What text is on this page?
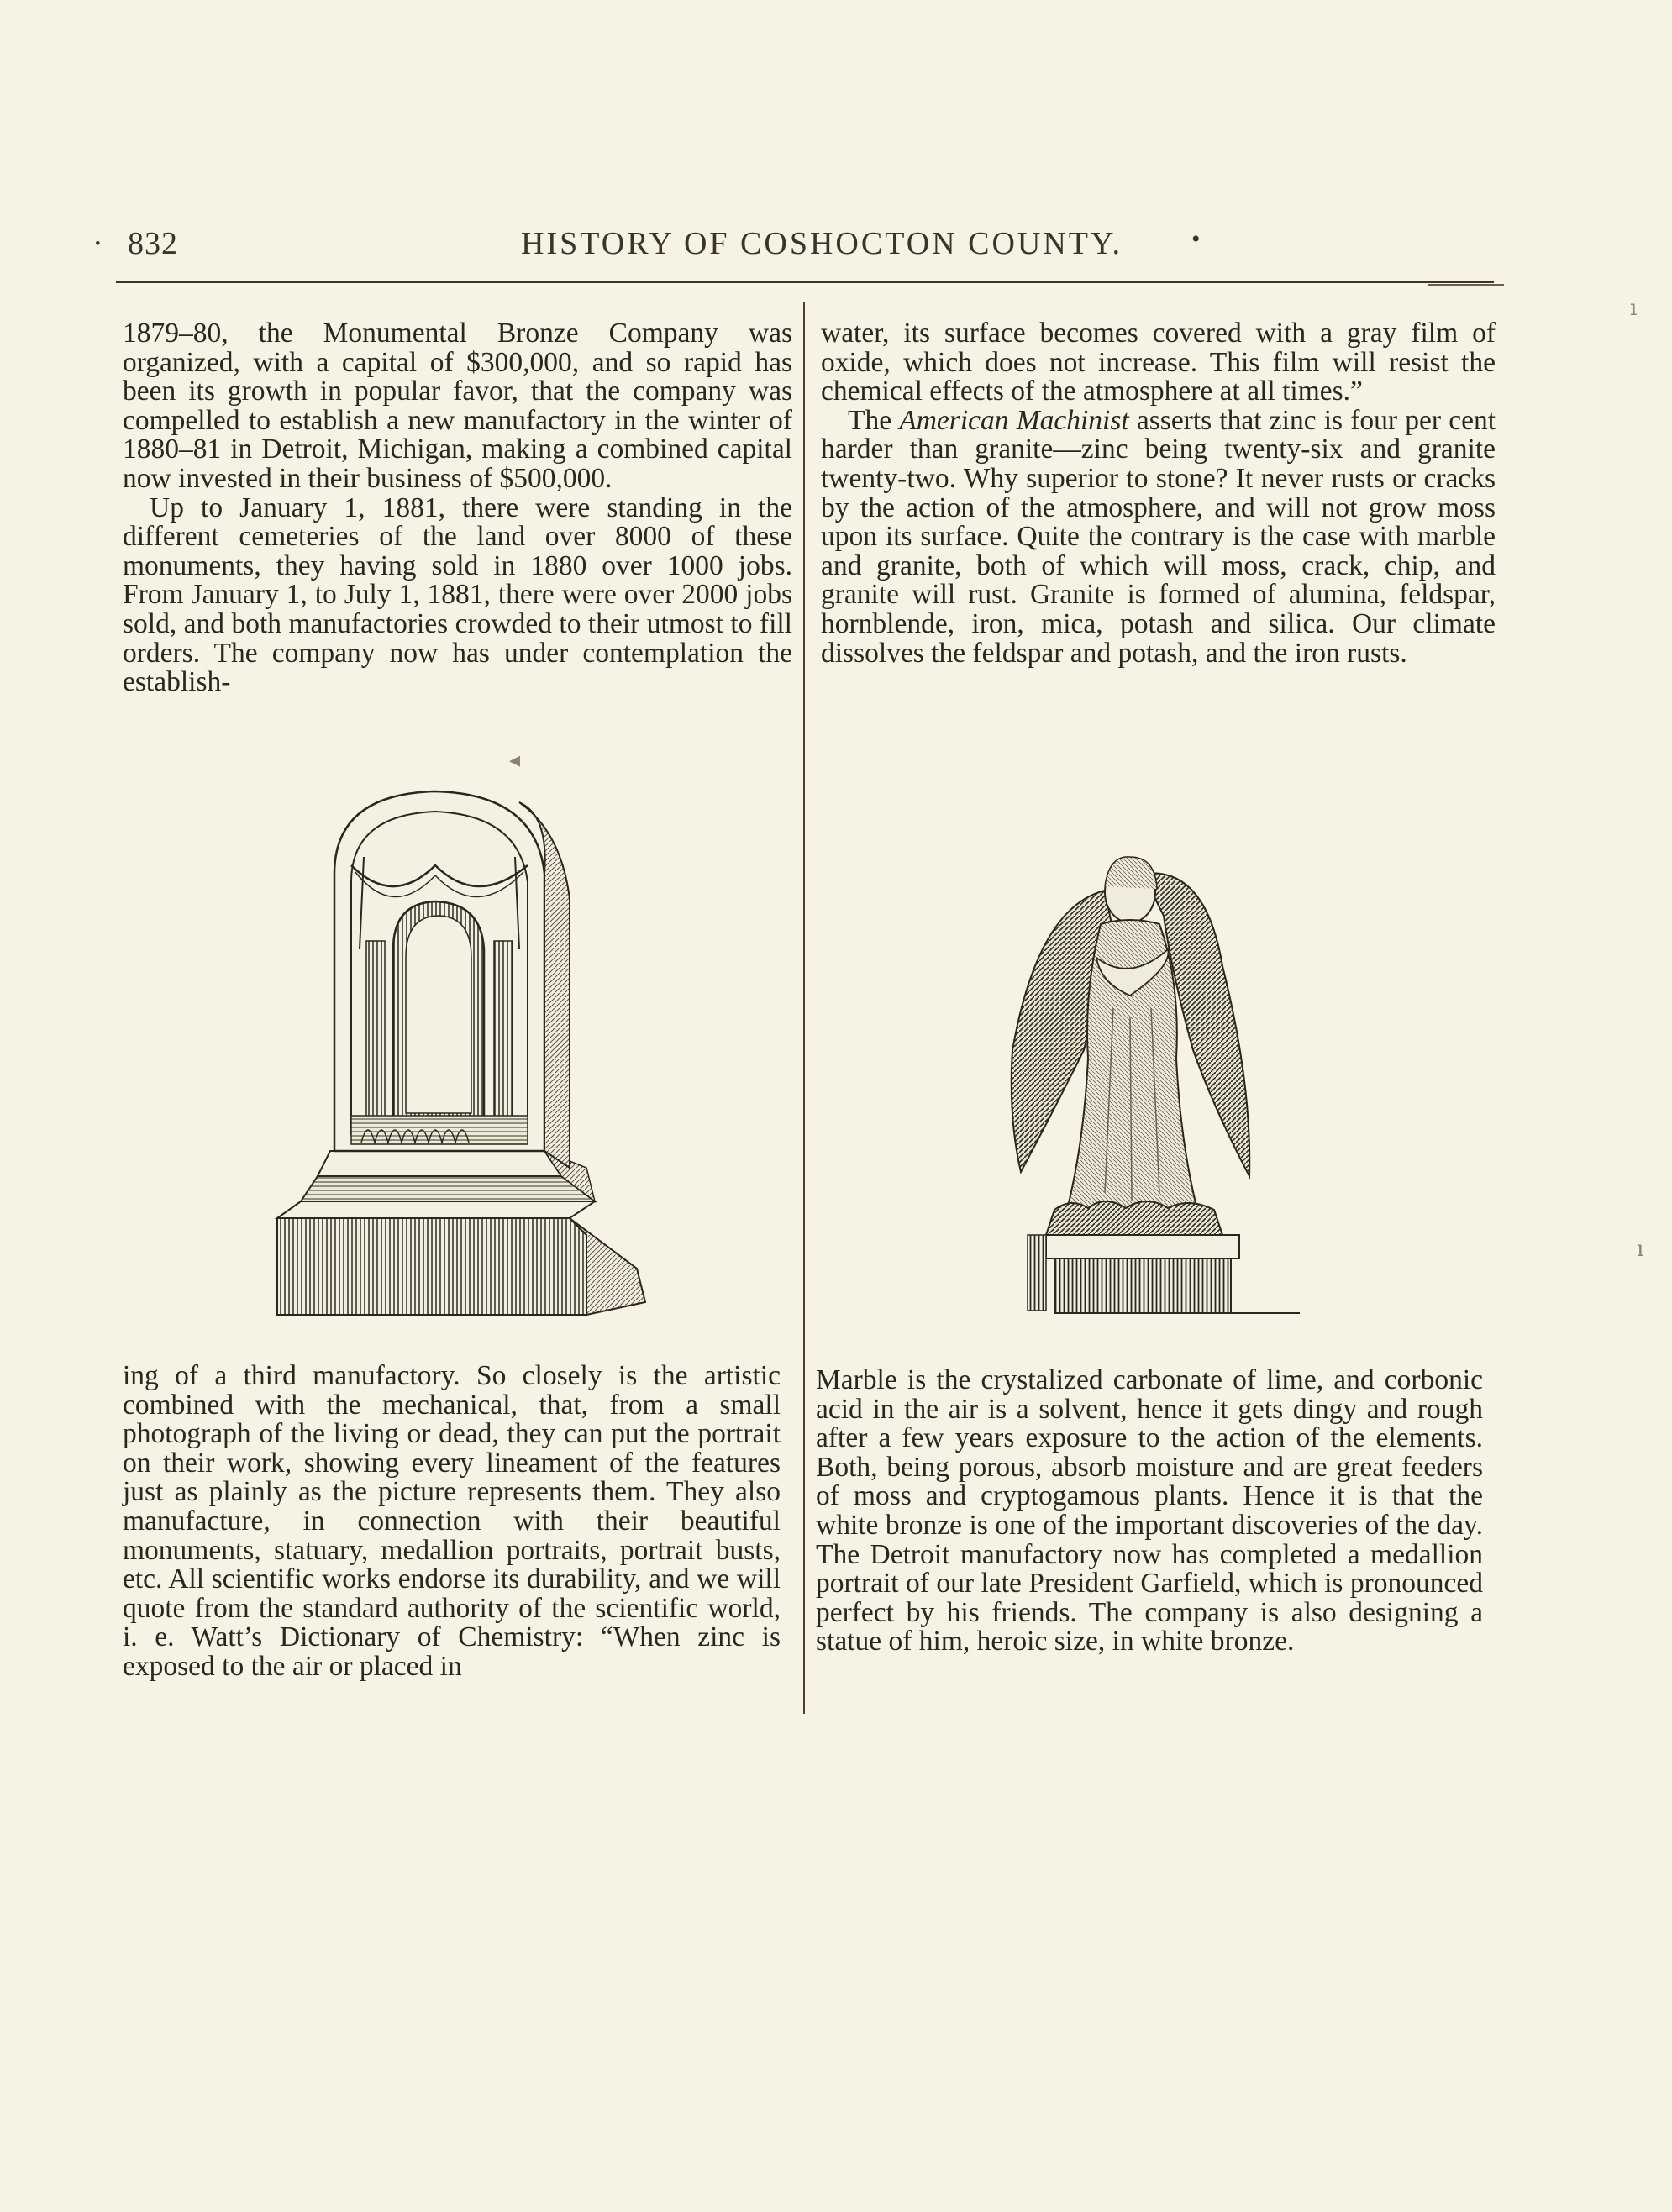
· 832	HISTORY OF COSHOCTON COUNTY.	•

1879–80, the Monumental Bronze Company was organized, with a capital of $300,000, and so rapid has been its growth in popular favor, that the company was compelled to establish a new manufactory in the winter of 1880–81 in Detroit, Michigan, making a combined capital now invested in their business of $500,000.

Up to January 1, 1881, there were standing in the different cemeteries of the land over 8000 of these monuments, they having sold in 1880 over 1000 jobs. From January 1, to July 1, 1881, there were over 2000 jobs sold, and both manufactories crowded to their utmost to fill orders. The company now has under contemplation the establish-

ing of a third manufactory. So closely is the artistic combined with the mechanical, that, from a small photograph of the living or dead, they can put the portrait on their work, showing every lineament of the features just as plainly as the picture represents them. They also manufacture, in connection with their beautiful monuments, statuary, medallion portraits, portrait busts, etc. All scientific works endorse its durability, and we will quote from the standard authority of the scientific world, i. e. Watt’s Dictionary of Chemistry: “When zinc is exposed to the air or placed in

water, its surface becomes covered with a gray film of oxide, which does not increase. This film will resist the chemical effects of the atmosphere at all times.”

The American Machinist asserts that zinc is four per cent harder than granite—zinc being twenty-six and granite twenty-two. Why superior to stone? It never rusts or cracks by the action of the atmosphere, and will not grow moss upon its surface. Quite the contrary is the case with marble and granite, both of which will moss, crack, chip, and granite will rust. Granite is formed of alumina, feldspar, hornblende, iron, mica, potash and silica. Our climate dissolves the feldspar and potash, and the iron rusts.

Marble is the crystalized carbonate of lime, and corbonic acid in the air is a solvent, hence it gets dingy and rough after a few years exposure to the action of the elements. Both, being porous, absorb moisture and are great feeders of moss and cryptogamous plants. Hence it is that the white bronze is one of the important discoveries of the day. The Detroit manufactory now has completed a medallion portrait of our late President Garfield, which is pronounced perfect by his friends. The company is also designing a statue of him, heroic size, in white bronze.

◂
ı
ı
